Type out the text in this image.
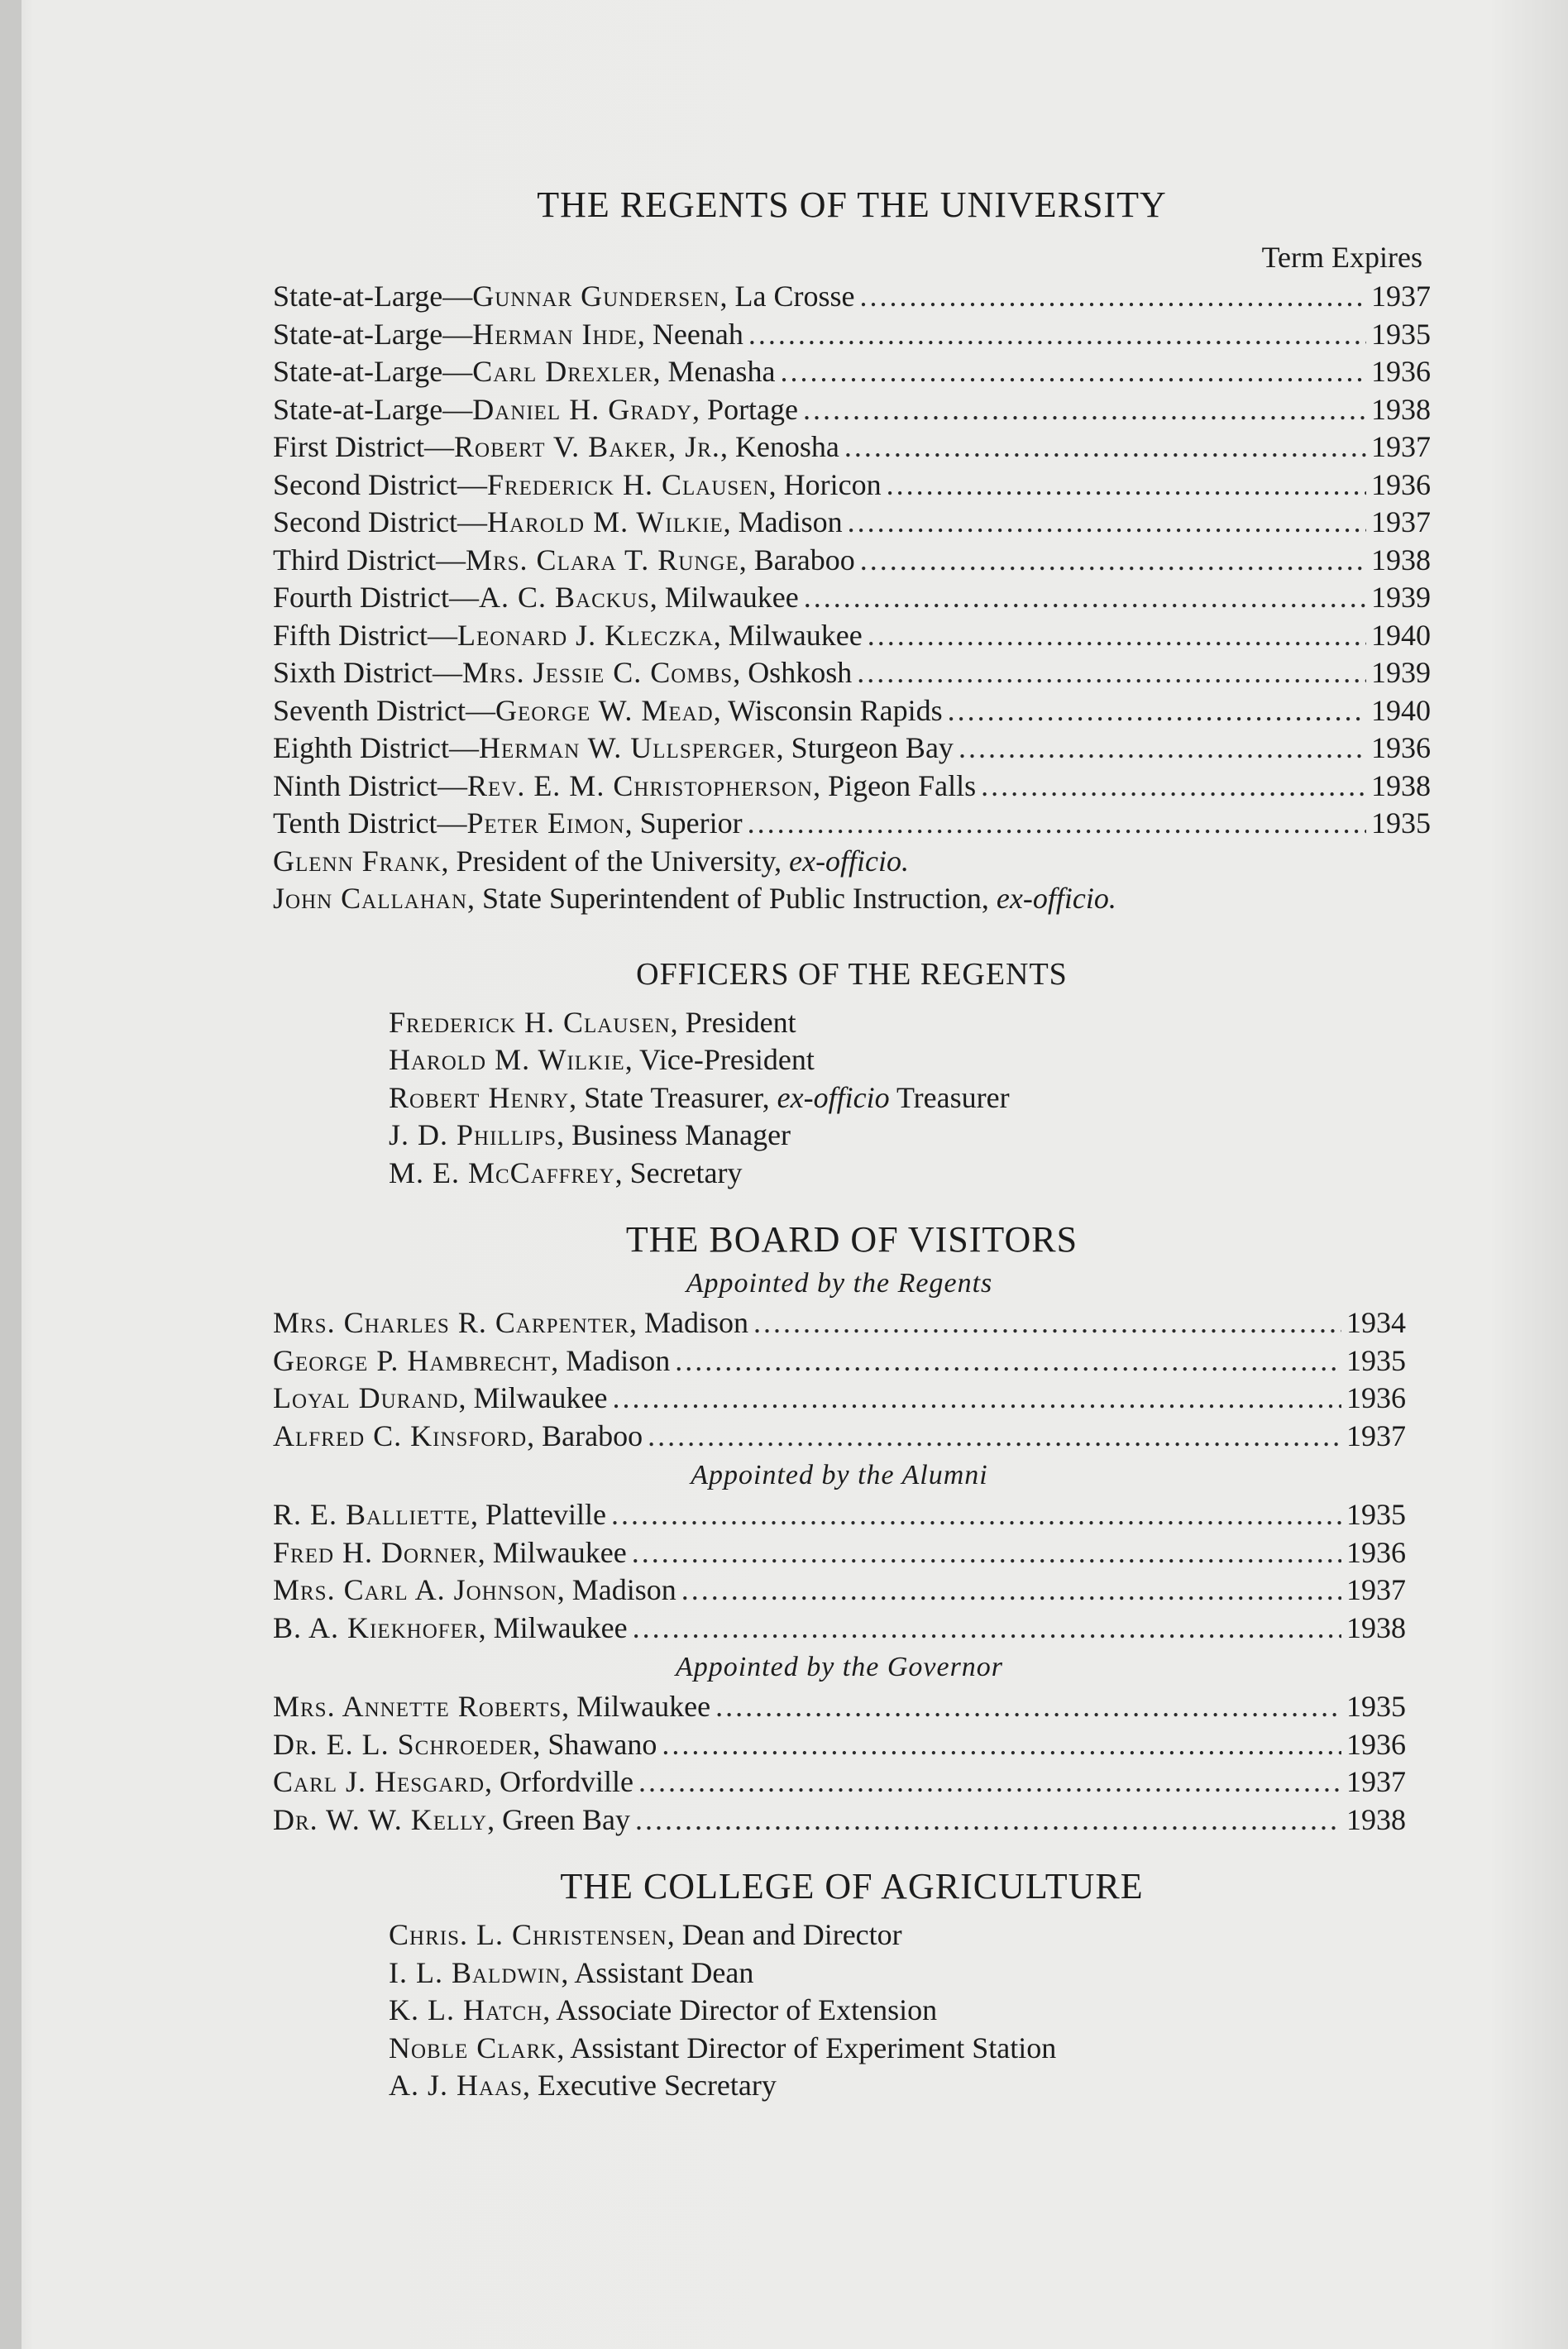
THE REGENTS OF THE UNIVERSITY
Term Expires
State-at-Large—Gunnar Gundersen, La Crosse .....	1937
State-at-Large—Herman Ihde, Neenah .....	1935
State-at-Large—Carl Drexler, Menasha .....	1936
State-at-Large—Daniel H. Grady, Portage .....	1938
First District—Robert V. Baker, Jr., Kenosha .....	1937
Second District—Frederick H. Clausen, Horicon .....	1936
Second District—Harold M. Wilkie, Madison .....	1937
Third District—Mrs. Clara T. Runge, Baraboo .....	1938
Fourth District—A. C. Backus, Milwaukee .....	1939
Fifth District—Leonard J. Kleczka, Milwaukee .....	1940
Sixth District—Mrs. Jessie C. Combs, Oshkosh .....	1939
Seventh District—George W. Mead, Wisconsin Rapids .....	1940
Eighth District—Herman W. Ullsperger, Sturgeon Bay .....	1936
Ninth District—Rev. E. M. Christopherson, Pigeon Falls .....	1938
Tenth District—Peter Eimon, Superior .....	1935
Glenn Frank, President of the University, ex-officio.
John Callahan, State Superintendent of Public Instruction, ex-officio.
OFFICERS OF THE REGENTS
Frederick H. Clausen, President
Harold M. Wilkie, Vice-President
Robert Henry, State Treasurer, ex-officio Treasurer
J. D. Phillips, Business Manager
M. E. McCaffrey, Secretary
THE BOARD OF VISITORS
Appointed by the Regents
Mrs. Charles R. Carpenter, Madison .....	1934
George P. Hambrecht, Madison .....	1935
Loyal Durand, Milwaukee .....	1936
Alfred C. Kinsford, Baraboo .....	1937
Appointed by the Alumni
R. E. Balliette, Platteville .....	1935
Fred H. Dorner, Milwaukee .....	1936
Mrs. Carl A. Johnson, Madison .....	1937
B. A. Kiekhofer, Milwaukee .....	1938
Appointed by the Governor
Mrs. Annette Roberts, Milwaukee .....	1935
Dr. E. L. Schroeder, Shawano .....	1936
Carl J. Hesgard, Orfordville .....	1937
Dr. W. W. Kelly, Green Bay .....	1938
THE COLLEGE OF AGRICULTURE
Chris. L. Christensen, Dean and Director
I. L. Baldwin, Assistant Dean
K. L. Hatch, Associate Director of Extension
Noble Clark, Assistant Director of Experiment Station
A. J. Haas, Executive Secretary
